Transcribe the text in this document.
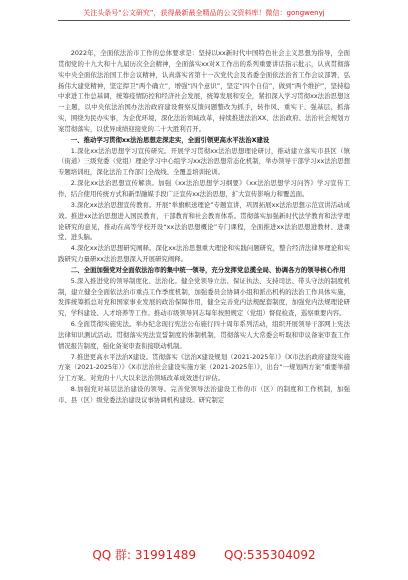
关注头条号“公文研究”，获得最新最全精品的公文资料库！微信：gongwenyj

2022年，全面依法治市工作的总体要求是：坚持以xx新时代中国特色社会主义思想为指导，全面贯彻党的十九大和十九届历次全会精神，全面落实xx对X工作出的系列重要讲话指示批示，认真贯彻落实中央全面依法治国工作会议精神，认真落实省第十一次党代会及省委全面依法治省工作会议部署，弘扬伟大建党精神，坚定捍卫“两个确立”，增强“四个意识”，坚定“四个自信”，做到“两个维护”，坚持稳中求进工作总基调，统筹疫情防控和经济社会发展，统筹发展和安全，紧扣深入学习贯彻xx法治思想这一主题，以中央依法治国办法治政府建设督察反馈问题整改为抓手，转作风、重实干、强基层、抓落实，围绕为民办实事，为企优环境，深化法治领域改革，持续推进法治XX、法治政府、法治社会规划方案贯彻落实，以优异成绩迎接党的二十大胜利召开。

一、推动学习贯彻xx法治思想走深走实，全面引领更高水平法治X建设

1.深化xx法治思想学习宣传研究。开展学习贯彻xx法治思想理论研讨，推动建立落实市县区（镇（街道）三级党委（党组）理论学习中心组学习xx法治思想常态化机制，举办领导干部学习xx法治思想专题培训班，深化法治工作部门全战线、全覆盖培训轮训。

2.深化xx法治思想宣传解读。加强《xx法治思想学习纲要》《xx法治思想学习问答》学习宣传工作，结合使用传统方式和新型融媒手段广泛宣传xx法治思想，扩大宣传影响力和覆盖面。

3.深化xx法治思想宣传教育。开展“举旗帜送理论”专题宣讲，巩固拓展xx法治思想示范宣讲活动成效。推进xx法治思想进入国民教育，干部教育和社会教育体系。贯彻落实加强新时代法学教育和法学理论研究的意见，推动在高等学校开设“xx法治思想概论”专门课程，全面推进xx法治思想进教材、进课堂、进头脑。

4.深化xx法治思想研究阐释。深化xx法治思想重大理论和实践问题研究，整合经济法律界理论和实践研究力量研xx法治思想深入开展研究阐释。

二、全面加强党对全面依法治市的集中统一领导，充分发挥党总揽全局、协调各方的领导核心作用

5.深入推进党的领导制度化、法治化。健全党领导立法、保证执法、支持司法、带头守法的制度机制，建立健全全面依法治市重点工作季度机制，加强委员会协调小组和派出机构的法治工作具体实施，发挥统筹抓总对党和国家事业发展的政治保障作用，健全完善党内法规配套制度，加强党内法规理论研究，学科建设、人才培养等工作。推动市级领导同志每年按照规定（党组）督促检查，巡察重要内容。

6.全面贯彻实施宪法。举办纪念现行宪法公布施行四十周年系列活动，组织开展领导干部网上宪法法律知识测试活动。贯彻落实宪法宣誓制度的体制机制，贯彻落实人大常委会听取和审议备案审查工作情况报告制度，强化备案审查衔接联动机制。

7.推进更高水平法治X建设。贯彻落实《法治X建设规划（2021-2025年）》《X市法治政府建设实施方案（2021-2025年）》《X市法治社会建设实施方案（2021-2025年）》，出台“一规划两方案”重要举措分工方案。对党的十八大以来法治领域改革成效进行评估。

8.加强党对基层法治建设的领导。完善党领导法治建设工作的市（区）的制度和工作机制，加强市、县（区）级党委法治建设议事协调机构建设。研究制定

QQ 群: 31991489 QQ:535304092
